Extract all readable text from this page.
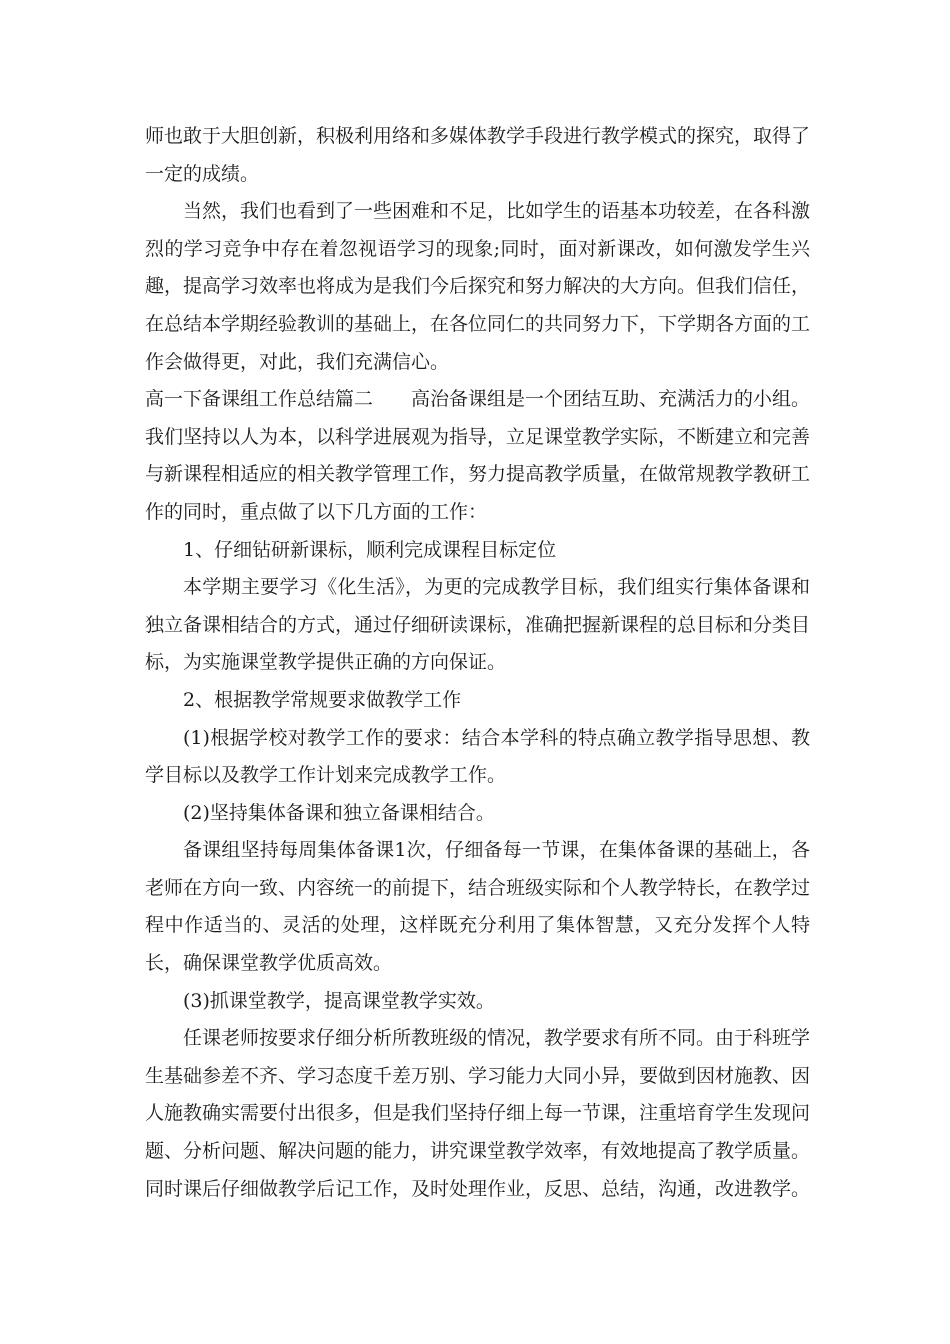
师也敢于大胆创新，积极利用络和多媒体教学手段进行教学模式的探究，取得了一定的成绩。

当然，我们也看到了一些困难和不足，比如学生的语基本功较差，在各科激烈的学习竞争中存在着忽视语学习的现象;同时，面对新课改，如何激发学生兴趣，提高学习效率也将成为是我们今后探究和努力解决的大方向。但我们信任，在总结本学期经验教训的基础上，在各位同仁的共同努力下，下学期各方面的工作会做得更，对此，我们充满信心。

高一下备课组工作总结篇二　　高治备课组是一个团结互助、充满活力的小组。我们坚持以人为本，以科学进展观为指导，立足课堂教学实际，不断建立和完善与新课程相适应的相关教学管理工作，努力提高教学质量，在做常规教学教研工作的同时，重点做了以下几方面的工作：

1、仔细钻研新课标，顺利完成课程目标定位

本学期主要学习《化生活》，为更的完成教学目标，我们组实行集体备课和独立备课相结合的方式，通过仔细研读课标，准确把握新课程的总目标和分类目标，为实施课堂教学提供正确的方向保证。

2、根据教学常规要求做教学工作

(1)根据学校对教学工作的要求：结合本学科的特点确立教学指导思想、教学目标以及教学工作计划来完成教学工作。

(2)坚持集体备课和独立备课相结合。

备课组坚持每周集体备课1次，仔细备每一节课，在集体备课的基础上，各老师在方向一致、内容统一的前提下，结合班级实际和个人教学特长，在教学过程中作适当的、灵活的处理，这样既充分利用了集体智慧，又充分发挥个人特长，确保课堂教学优质高效。

(3)抓课堂教学，提高课堂教学实效。

任课老师按要求仔细分析所教班级的情况，教学要求有所不同。由于科班学生基础参差不齐、学习态度千差万别、学习能力大同小异，要做到因材施教、因人施教确实需要付出很多，但是我们坚持仔细上每一节课，注重培育学生发现问题、分析问题、解决问题的能力，讲究课堂教学效率，有效地提高了教学质量。同时课后仔细做教学后记工作，及时处理作业，反思、总结，沟通，改进教学。
